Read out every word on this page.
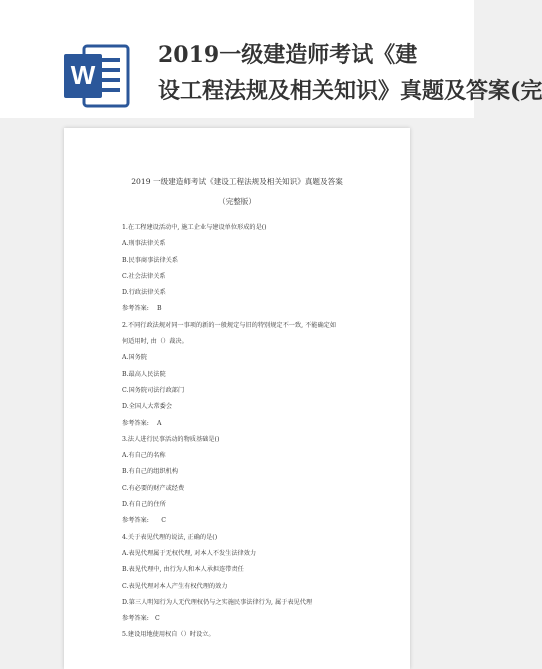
W
2019一级建造师考试《建
设工程法规及相关知识》真题及答案(完
2019 一级建造师考试《建设工程法规及相关知识》真题及答案
（完整版）
1.在工程建设活动中, 施工企业与建设单位形成的是()
A.刑事法律关系
B.民事商事法律关系
C.社会法律关系
D.行政法律关系
参考答案:　 B
2.不同行政法规对同一事项的新的一般规定与旧的特别规定不一致, 不能确定如
何适用时, 由（）裁决。
A.国务院
B.最高人民法院
C.国务院司法行政部门
D.全国人大常委会
参考答案:　 A
3.法人进行民事活动的物质基础是()
A.有自己的名称
B.有自己的组织机构
C.有必要的财产或经费
D.有自己的住所
参考答案:　　C
4.关于表见代理的说法, 正确的是()
A.表见代理属于无权代理, 对本人不发生法律效力
B.表见代理中, 由行为人和本人承担连带责任
C.表见代理对本人产生有权代理的效力
D.第三人明知行为人无代理权仍与之实施民事法律行为, 属于表见代理
参考答案:　C
5.建设用地使用权自（）时设立。
